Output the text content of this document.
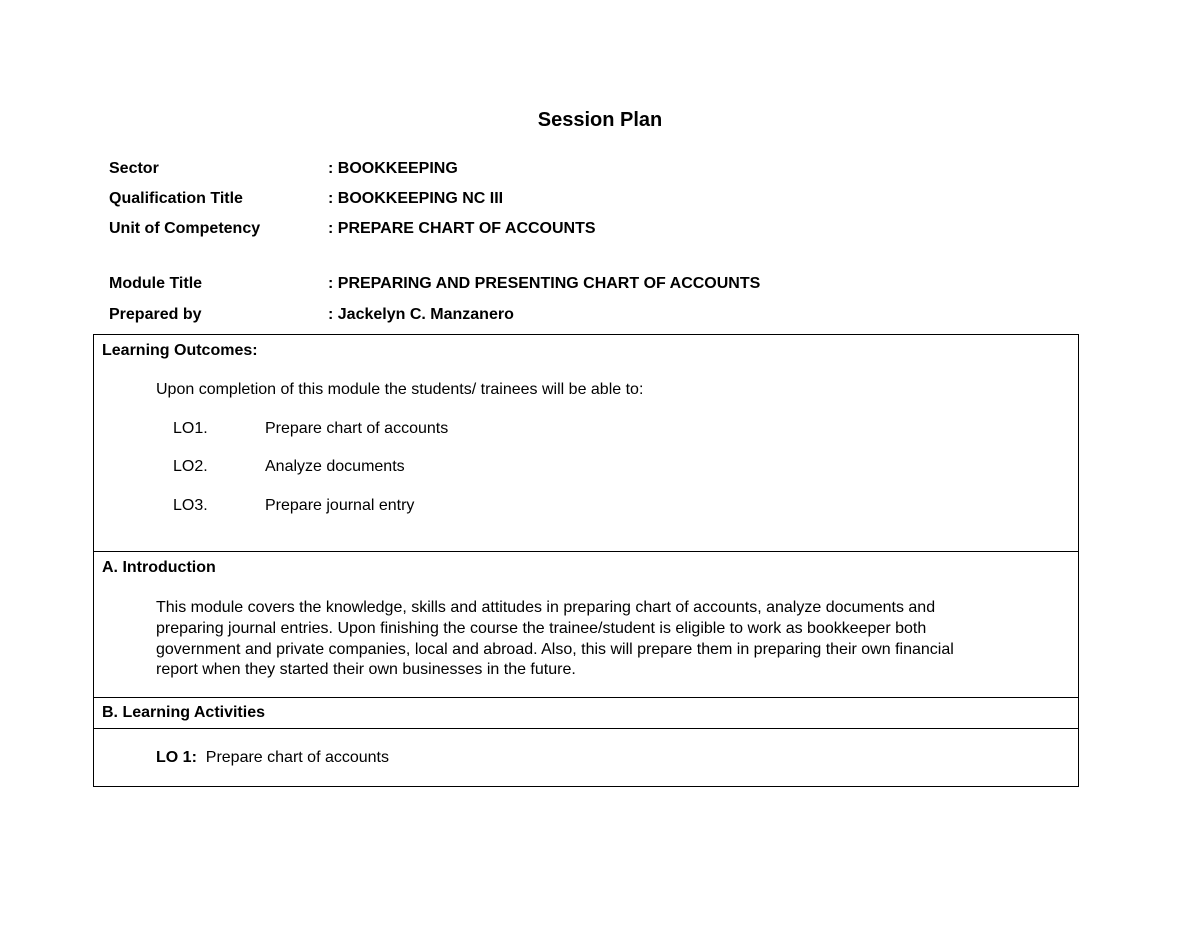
Session Plan
Sector	: BOOKKEEPING
Qualification Title	: BOOKKEEPING NC III
Unit of Competency	: PREPARE CHART OF ACCOUNTS
Module Title	: PREPARING AND PRESENTING CHART OF ACCOUNTS
Prepared by	: Jackelyn C. Manzanero
Learning Outcomes:
Upon completion of this module the students/ trainees will be able to:
LO1.	Prepare chart of accounts
LO2.	Analyze documents
LO3.	Prepare journal entry
A. Introduction
This module covers the knowledge, skills and attitudes in preparing chart of accounts, analyze documents and
preparing journal entries. Upon finishing the course the trainee/student is eligible to work as bookkeeper both
government and private companies, local and abroad. Also, this will prepare them in preparing their own financial
report when they started their own businesses in the future.
B. Learning Activities
LO 1: Prepare chart of accounts
